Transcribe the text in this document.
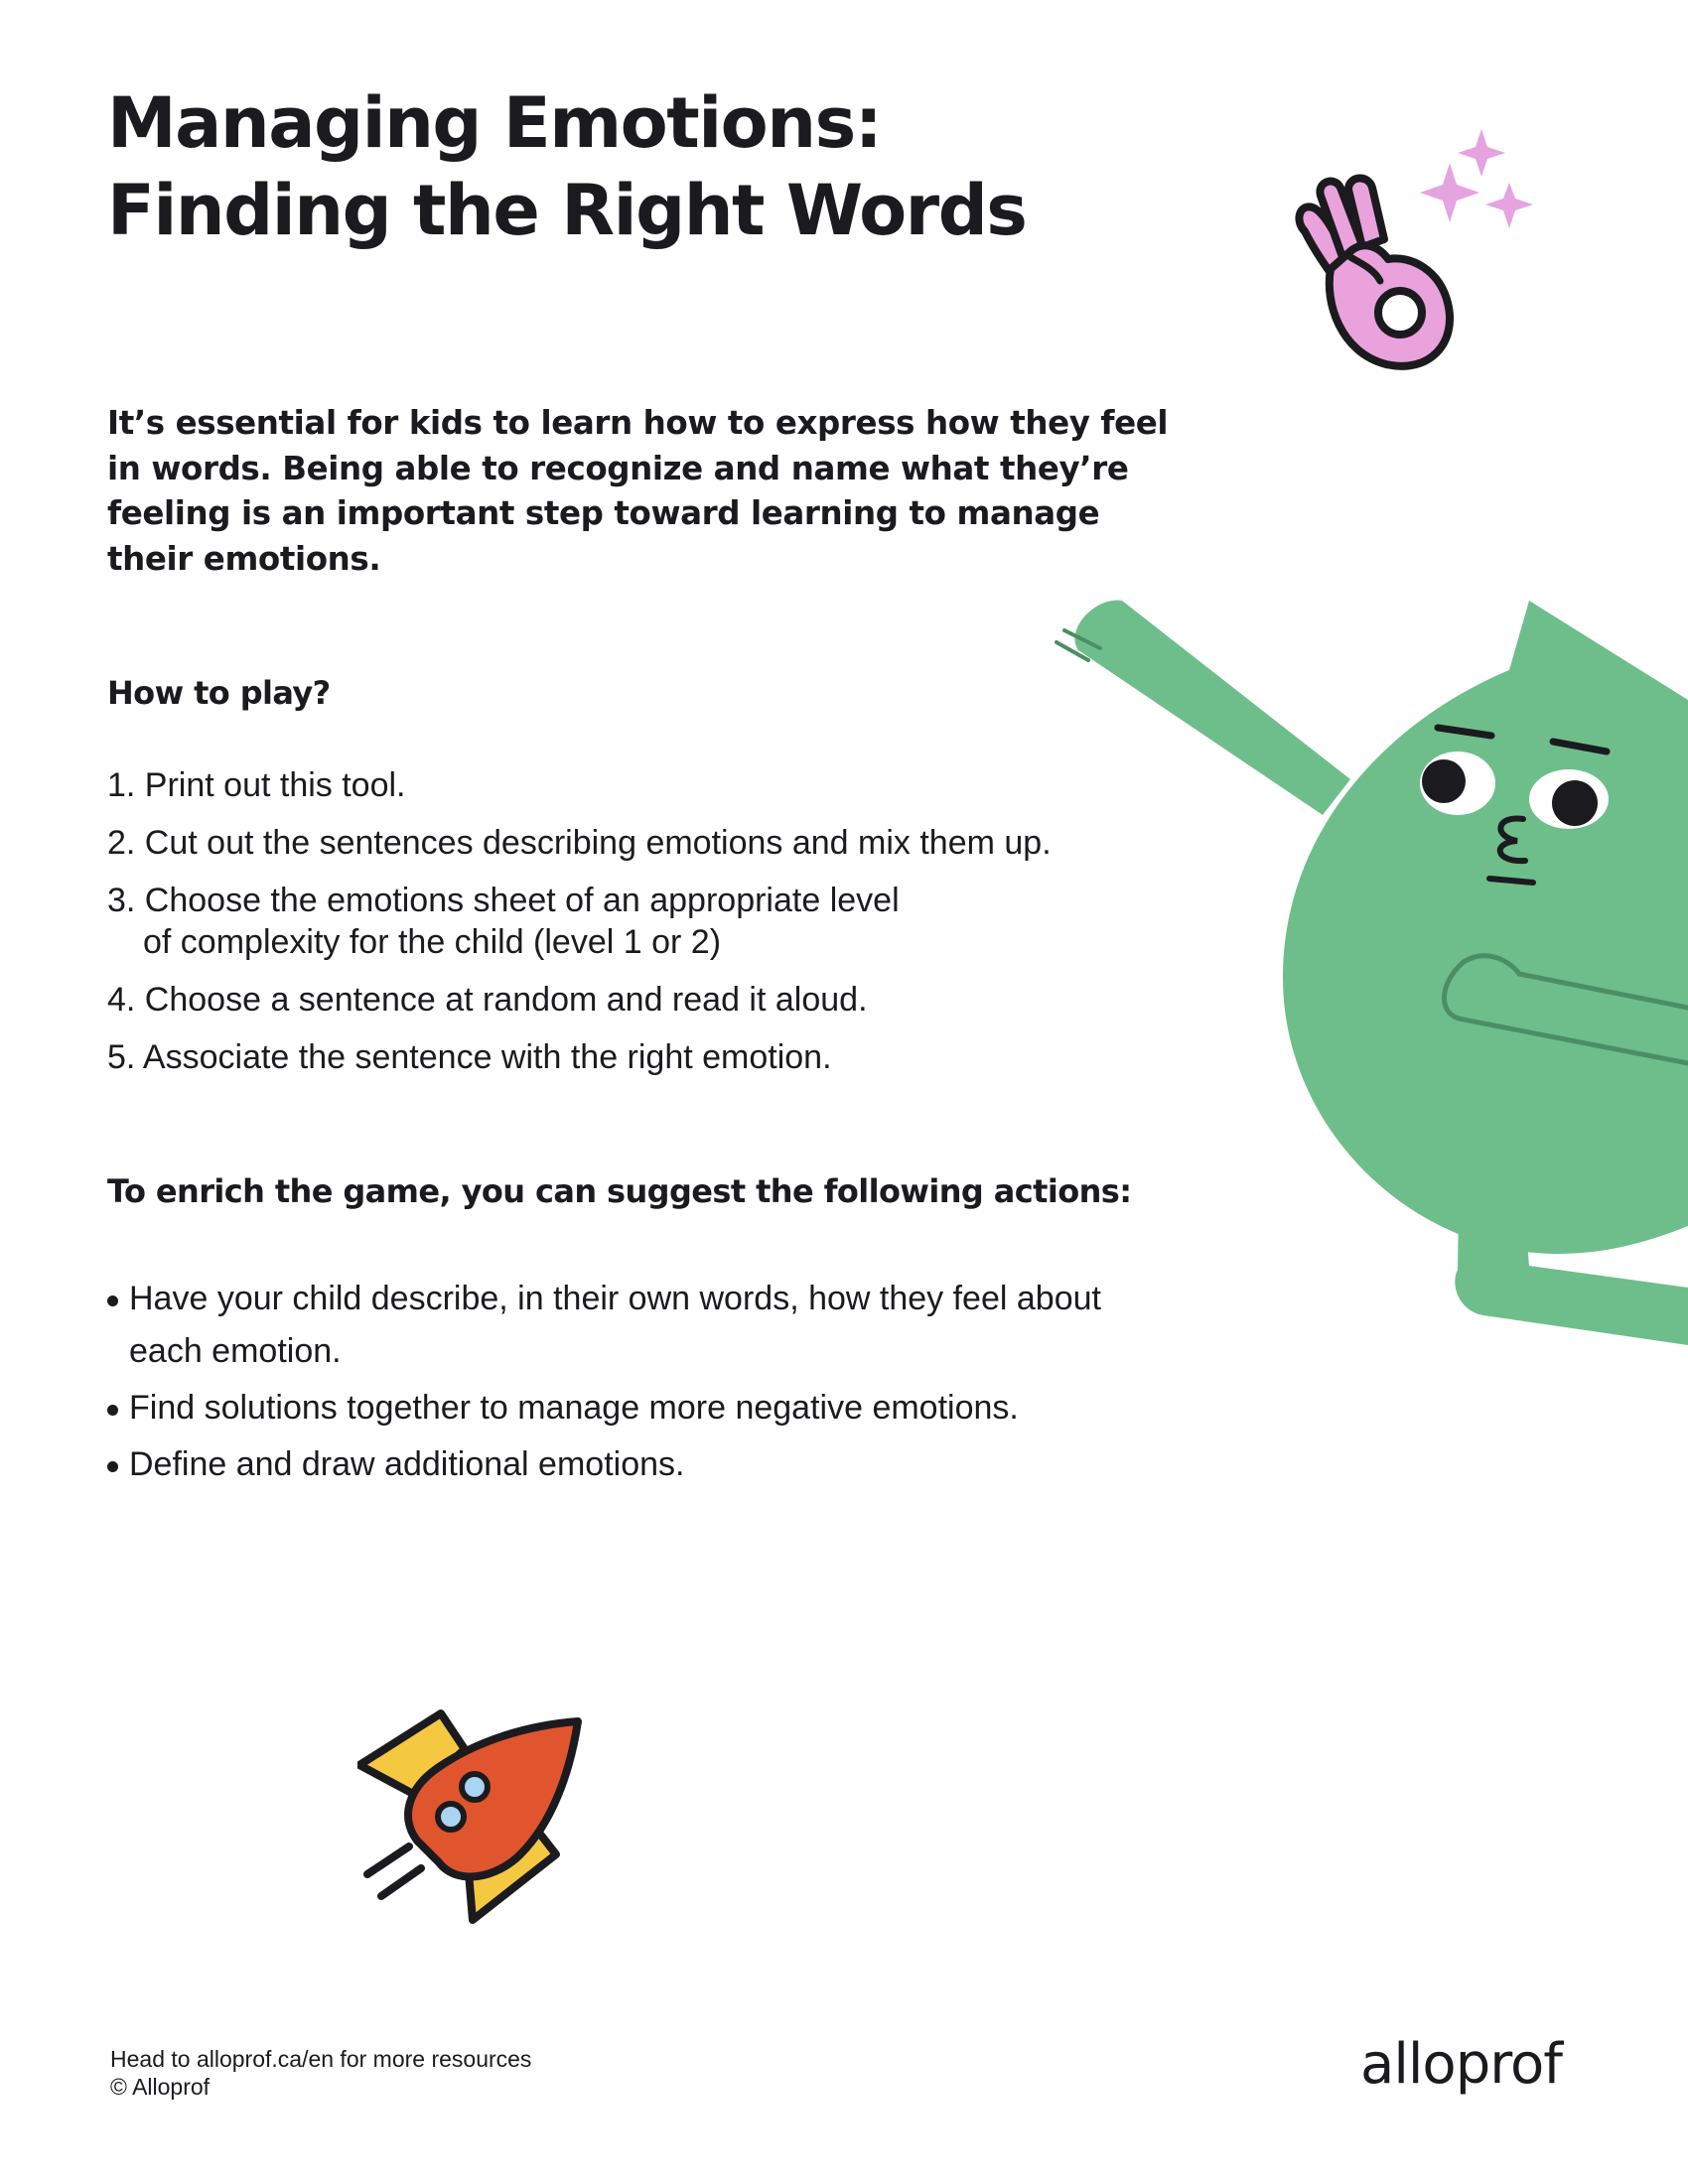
Managing Emotions:
Finding the Right Words

It’s essential for kids to learn how to express how they feel
in words. Being able to recognize and name what they’re
feeling is an important step toward learning to manage
their emotions.

How to play?
1. Print out this tool.
2. Cut out the sentences describing emotions and mix them up.
3. Choose the emotions sheet of an appropriate level
of complexity for the child (level 1 or 2)
4. Choose a sentence at random and read it aloud.
5. Associate the sentence with the right emotion.
To enrich the game, you can suggest the following actions:
Have your child describe, in their own words, how they feel about
each emotion.
Find solutions together to manage more negative emotions.
Define and draw additional emotions.
Head to alloprof.ca/en for more resources
© Alloprof	alloprof
